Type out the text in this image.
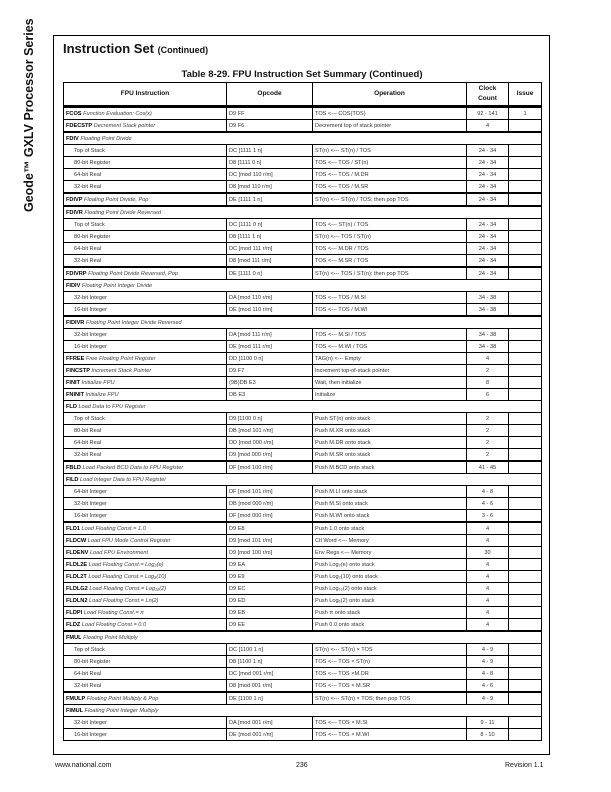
Geode™ GXLV Processor Series Instruction Set (Continued)
Table 8-29. FPU Instruction Set Summary (Continued)
FPU Instruction	Opcode	Operation	Clock Count	Issue
FCOS Function Evaluation: Cos(x)	D9 FF	TOS <--- COS(TOS)	92 - 141	1
FDECSTP Decrement Stack pointer	D9 F6	Decrement top of stack pointer	4	
FDIV Floating Point Divide				
Top of Stack	DC [1111 1 n]	ST(n) <--- ST(n) / TOS	24 - 34	
80-bit Register	D8 [1111 0 n]	TOS <--- TOS / ST(n)	24 - 34	
64-bit Real	DC [mod 110 r/m]	TOS <--- TOS / M.DR	24 - 34	
32-bit Real	D8 [mod 110 r/m]	TOS <--- TOS / M.SR	24 - 34	
FDIVP Floating Point Divide, Pop	DE [1111 1 n]	ST(n) <--- ST(n) / TOS; then pop TOS	24 - 34	
FDIVR Floating Point Divide Reversed				
Top of Stack	DC [1111 0 n]	TOS <--- ST(n) / TOS	24 - 34	
80-bit Register	D8 [1111 1 n]	ST(n) <--- TOS / ST(n)	24 - 34	
64-bit Real	DC [mod 111 r/m]	TOS <--- M.DR / TOS	24 - 34	
32-bit Real	D8 [mod 111 r/m]	TOS <--- M.SR / TOS	24 - 34	
FDIVRP Floating Point Divide Reversed, Pop	DE [1111 0 n]	ST(n) <--- TOS / ST(n); then pop TOS	24 - 34	
FIDIV Floating Point Integer Divide				
32-bit Integer	DA [mod 110 r/m]	TOS <--- TOS / M.SI	34 - 38	
16-bit Integer	DE [mod 110 r/m]	TOS <--- TOS / M.WI	34 - 38	
FIDIVR Floating Point Integer Divide Reversed				
32-bit Integer	DA [mod 111 r/m]	TOS <--- M.SI / TOS	34 - 38	
16-bit Integer	DE [mod 111 r/m]	TOS <--- M.WI / TOS	34 - 38	
FFREE Free Floating Point Register	DD [1100 0 n]	TAG(n) <--- Empty	4	
FINCSTP Increment Stack Pointer	D9 F7	Increment top-of-stack pointer	2	
FINIT Initialize FPU	(9B)DB E3	Wait, then initialize	8	
FNINIT Initialize FPU	DB E3	Initialize	6	
FLD Load Data to FPU Register				
Top of Stack	D9 [1100 0 n]	Push ST(n) onto stack	2	
80-bit Real	DB [mod 101 r/m]	Push M.XR onto stack	2	
64-bit Real	DD [mod 000 r/m]	Push M.DR onto stack	2	
32-bit Real	D9 [mod 000 r/m]	Push M.SR onto stack	2	
FBLD Load Packed BCD Data to FPU Register	DF [mod 100 r/m]	Push M.BCD onto stack	41 - 45	
FILD Load Integer Data to FPU Register				
64-bit Integer	DF [mod 101 r/m]	Push M.LI onto stack	4 - 8	
32-bit Integer	DB [mod 000 r/m]	Push M.SI onto stack	4 - 6	
16-bit Integer	DF [mod 000 r/m]	Push M.WI onto stack	3 - 6	
FLD1 Load Floating Const.= 1.0	D9 E8	Push 1.0 onto stack	4	
FLDCW Load FPU Mode Control Register	D9 [mod 101 r/m]	Ctl Word <--- Memory	4	
FLDENV Load FPU Environment	D9 [mod 100 r/m]	Env Regs <--- Memory	30	
FLDL2E Load Floating Const.= Log₂(e)	D9 EA	Push Log₂(e) onto stack	4	
FLDL2T Load Floating Const.= Log₂(10)	D9 E9	Push Log₂(10) onto stack	4	
FLDLG2 Load Floating Const.= Log₁₀(2)	D9 EC	Push Log₁₀(2) onto stack	4	
FLDLN2 Load Floating Const.= Ln(2)	D9 ED	Push Logₑ(2) onto stack	4	
FLDPI Load Floating Const.= π	D9 EB	Push π onto stack	4	
FLDZ Load Floating Const.= 0.0	D9 EE	Push 0.0 onto stack	4	
FMUL Floating Point Multiply				
Top of Stack	DC [1100 1 n]	ST(n) <--- ST(n) × TOS	4 - 9	
80-bit Register	D8 [1100 1 n]	TOS <--- TOS × ST(n)	4 - 9	
64-bit Real	DC [mod 001 r/m]	TOS <--- TOS ×M.DR	4 - 8	
32-bit Real	D8 [mod 001 r/m]	TOS <--- TOS × M.SR	4 - 6	
FMULP Floating Point Multiply & Pop	DE [1100 1 n]	ST(n) <--- ST(n) × TOS; then pop TOS	4 - 9	
FIMUL Floating Point Integer Multiply				
32-bit Integer	DA [mod 001 r/m]	TOS <--- TOS × M.SI	9 - 11	
16-bit Integer	DE [mod 001 r/m]	TOS <--- TOS × M.WI	8 - 10	
www.national.com	236	Revision 1.1
